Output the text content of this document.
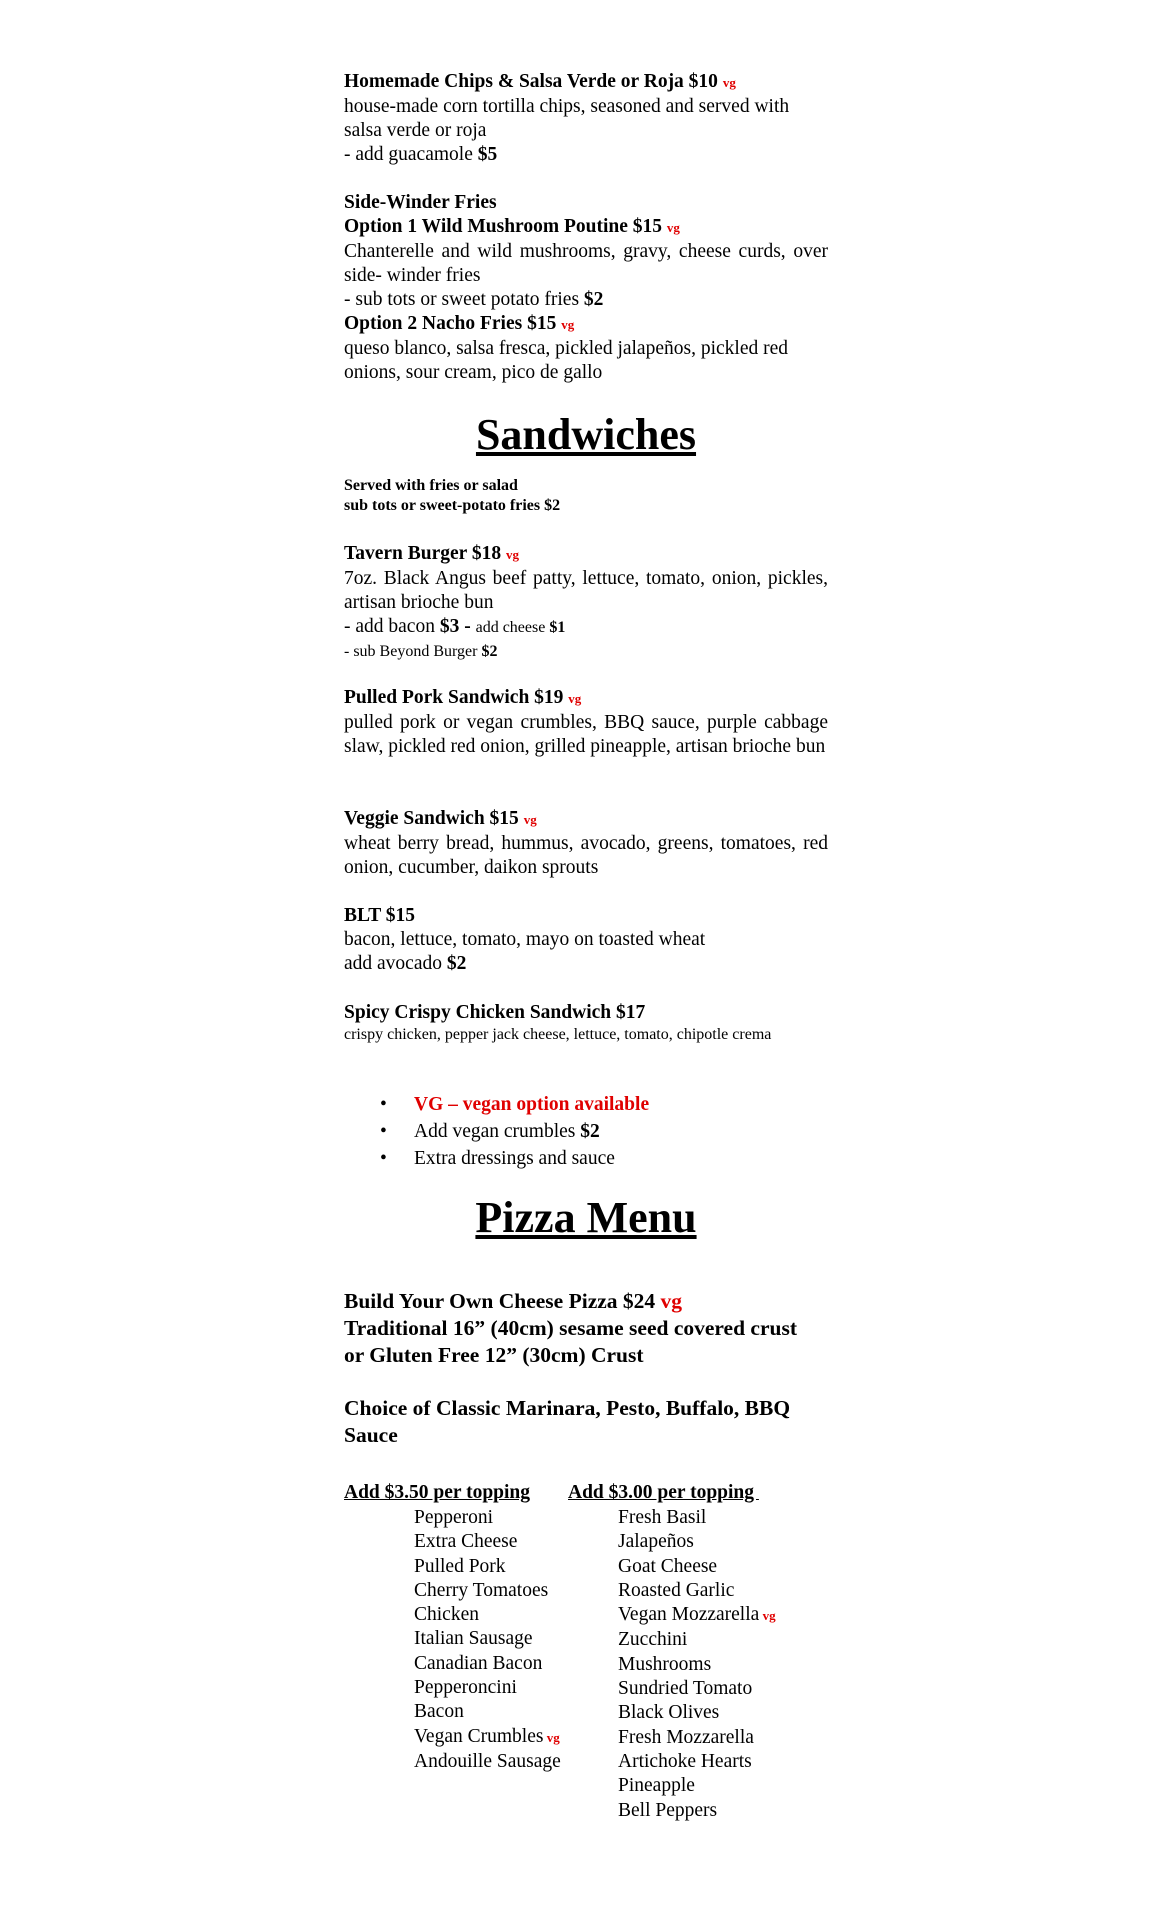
Homemade Chips & Salsa Verde or Roja $10 vg
house-made corn tortilla chips, seasoned and served with salsa verde or roja
- add guacamole $5
Side-Winder Fries
Option 1 Wild Mushroom Poutine $15 vg
Chanterelle and wild mushrooms, gravy, cheese curds, over side- winder fries
- sub tots or sweet potato fries $2
Option 2 Nacho Fries $15 vg
queso blanco, salsa fresca, pickled jalapeños, pickled red onions, sour cream, pico de gallo
Sandwiches
Served with fries or salad
sub tots or sweet-potato fries $2
Tavern Burger $18 vg
7oz. Black Angus beef patty, lettuce, tomato, onion, pickles, artisan brioche bun
- add bacon $3 - add cheese $1
- sub Beyond Burger $2
Pulled Pork Sandwich $19 vg
pulled pork or vegan crumbles, BBQ sauce, purple cabbage slaw, pickled red onion, grilled pineapple, artisan brioche bun
Veggie Sandwich $15 vg
wheat berry bread, hummus, avocado, greens, tomatoes, red onion, cucumber, daikon sprouts
BLT $15
bacon, lettuce, tomato, mayo on toasted wheat
add avocado $2
Spicy Crispy Chicken Sandwich $17
crispy chicken, pepper jack cheese, lettuce, tomato, chipotle crema
• VG – vegan option available
• Add vegan crumbles $2
• Extra dressings and sauce
Pizza Menu
Build Your Own Cheese Pizza $24 vg
Traditional 16” (40cm) sesame seed covered crust
or Gluten Free 12” (30cm) Crust
Choice of Classic Marinara, Pesto, Buffalo, BBQ Sauce
Add $3.50 per topping Add $3.00 per topping
Pepperoni
Extra Cheese
Pulled Pork
Cherry Tomatoes
Chicken
Italian Sausage
Canadian Bacon
Pepperoncini
Bacon
Vegan Crumbles vg
Andouille Sausage
Fresh Basil
Jalapeños
Goat Cheese
Roasted Garlic
Vegan Mozzarella vg
Zucchini
Mushrooms
Sundried Tomato
Black Olives
Fresh Mozzarella
Artichoke Hearts
Pineapple
Bell Peppers
